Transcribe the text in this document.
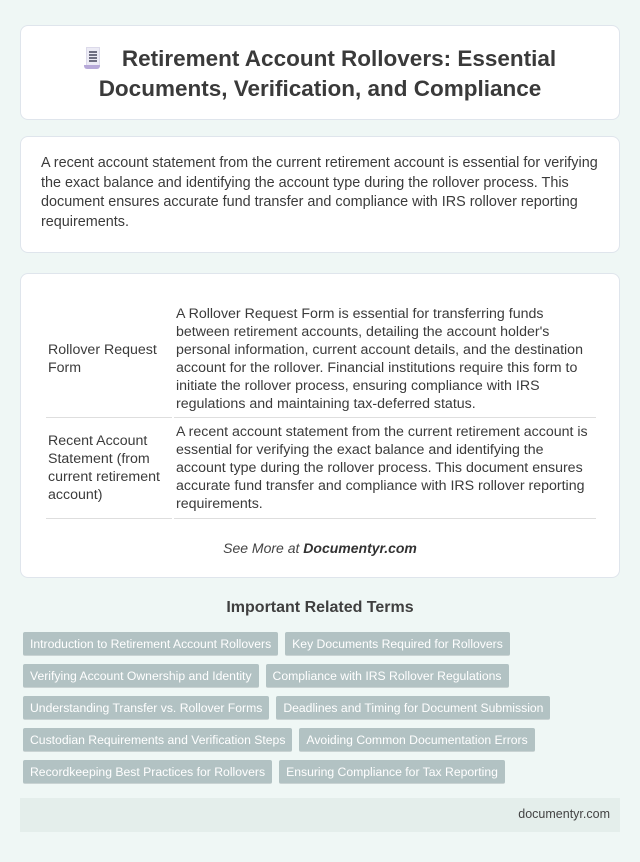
Retirement Account Rollovers: Essential Documents, Verification, and Compliance

A recent account statement from the current retirement account is essential for verifying the exact balance and identifying the account type during the rollover process. This document ensures accurate fund transfer and compliance with IRS rollover reporting requirements.

Rollover Request Form	A Rollover Request Form is essential for transferring funds between retirement accounts, detailing the account holder's personal information, current account details, and the destination account for the rollover. Financial institutions require this form to initiate the rollover process, ensuring compliance with IRS regulations and maintaining tax-deferred status.
Recent Account Statement (from current retirement account)	A recent account statement from the current retirement account is essential for verifying the exact balance and identifying the account type during the rollover process. This document ensures accurate fund transfer and compliance with IRS rollover reporting requirements.
See More at Documentyr.com
Important Related Terms
Introduction to Retirement Account Rollovers	Key Documents Required for Rollovers
Verifying Account Ownership and Identity	Compliance with IRS Rollover Regulations
Understanding Transfer vs. Rollover Forms	Deadlines and Timing for Document Submission
Custodian Requirements and Verification Steps	Avoiding Common Documentation Errors
Recordkeeping Best Practices for Rollovers	Ensuring Compliance for Tax Reporting
documentyr.com
